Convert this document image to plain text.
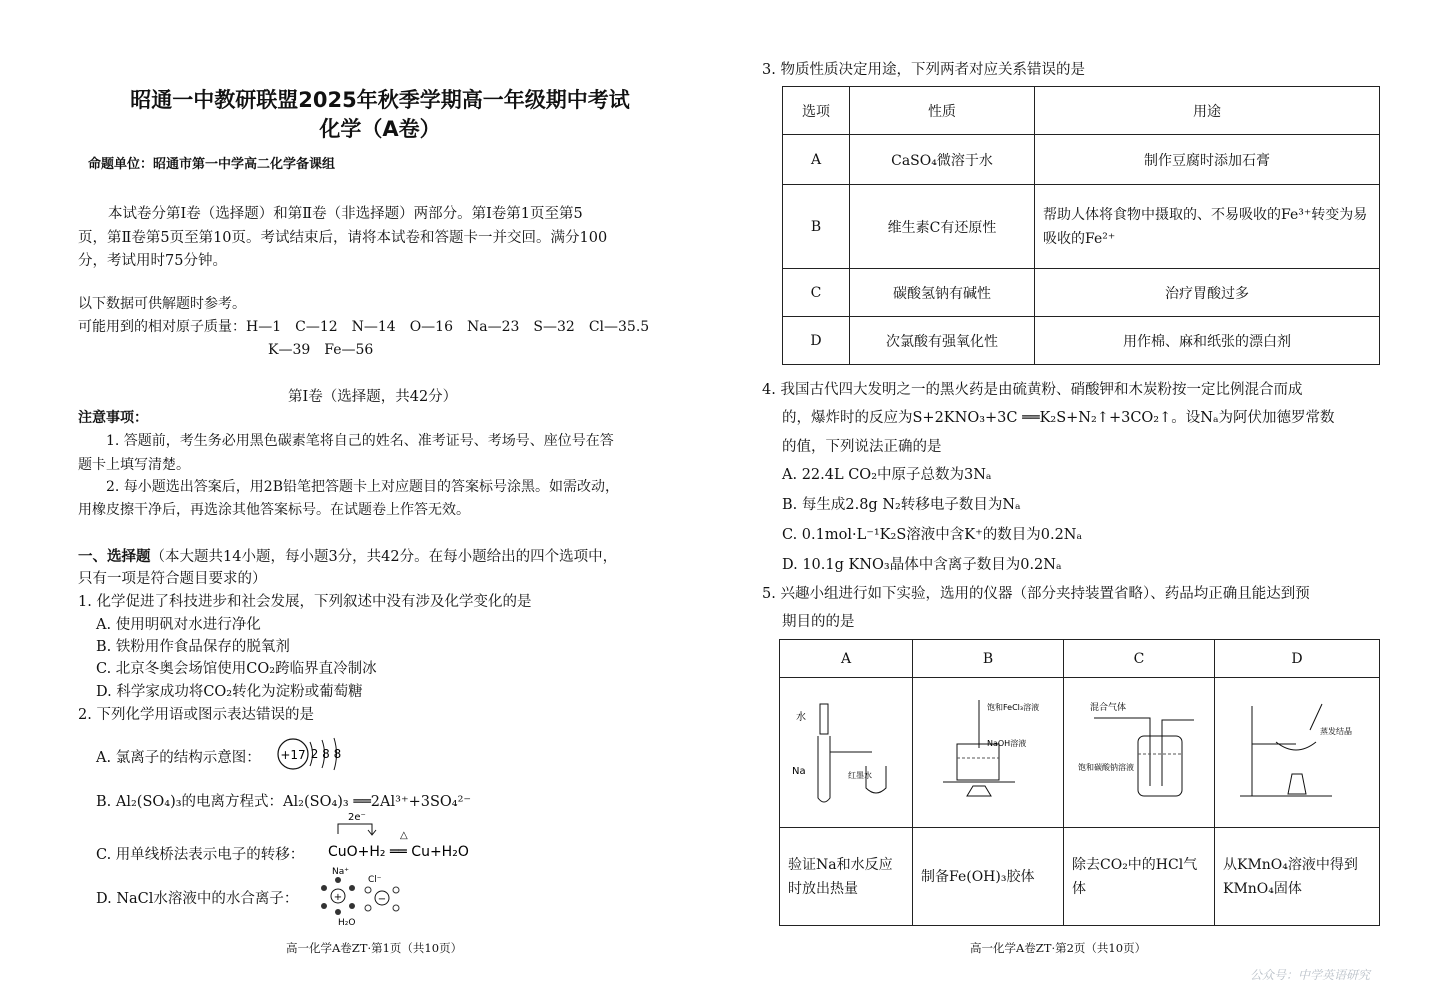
昭通一中教研联盟2025年秋季学期高一年级期中考试
化学（A卷）
命题单位：昭通市第一中学高二化学备课组
本试卷分第Ⅰ卷（选择题）和第Ⅱ卷（非选择题）两部分。第Ⅰ卷第1页至第5
页，第Ⅱ卷第5页至第10页。考试结束后，请将本试卷和答题卡一并交回。满分100
分，考试用时75分钟。
以下数据可供解题时参考。
可能用到的相对原子质量：H—1　C—12　N—14　O—16　Na—23　S—32　Cl—35.5
K—39　Fe—56
第Ⅰ卷（选择题，共42分）
注意事项：
1. 答题前，考生务必用黑色碳素笔将自己的姓名、准考证号、考场号、座位号在答
题卡上填写清楚。
2. 每小题选出答案后，用2B铅笔把答题卡上对应题目的答案标号涂黑。如需改动，
用橡皮擦干净后，再选涂其他答案标号。在试题卷上作答无效。
一、选择题（本大题共14小题，每小题3分，共42分。在每小题给出的四个选项中，
只有一项是符合题目要求的）
1. 化学促进了科技进步和社会发展，下列叙述中没有涉及化学变化的是
A. 使用明矾对水进行净化
B. 铁粉用作食品保存的脱氧剂
C. 北京冬奥会场馆使用CO₂跨临界直冷制冰
D. 科学家成功将CO₂转化为淀粉或葡萄糖
2. 下列化学用语或图示表达错误的是
A. 氯离子的结构示意图： +17 2 8 8
B. Al₂(SO₄)₃的电离方程式：Al₂(SO₄)₃ ══2Al³⁺+3SO₄²⁻
C. 用单线桥法表示电子的转移：
2e⁻
△
CuO+H₂ ══ Cu+H₂O
D. NaCl水溶液中的水合离子：
Na⁺
Cl⁻
+	−
H₂O
高一化学A卷ZT·第1页（共10页）
3. 物质性质决定用途，下列两者对应关系错误的是
选项	性质	用途
A	CaSO₄微溶于水	制作豆腐时添加石膏
B	维生素C有还原性	帮助人体将食物中摄取的、不易吸收的Fe³⁺转变为易吸收的Fe²⁺
C	碳酸氢钠有碱性	治疗胃酸过多
D	次氯酸有强氧化性	用作棉、麻和纸张的漂白剂
4. 我国古代四大发明之一的黑火药是由硫黄粉、硝酸钾和木炭粉按一定比例混合而成
的，爆炸时的反应为S+2KNO₃+3C ══K₂S+N₂↑+3CO₂↑。设Nₐ为阿伏加德罗常数
的值，下列说法正确的是
A. 22.4L CO₂中原子总数为3Nₐ
B. 每生成2.8g N₂转移电子数目为Nₐ
C. 0.1mol·L⁻¹K₂S溶液中含K⁺的数目为0.2Nₐ
D. 10.1g KNO₃晶体中含离子数目为0.2Nₐ
5. 兴趣小组进行如下实验，选用的仪器（部分夹持装置省略）、药品均正确且能达到预
期目的的是
A	B	C	D

水
Na 红墨水	饱和FeCl₃溶液
NaOH溶液	混合气体
饱和碳酸钠溶液	蒸发结晶

验证Na和水反应时放出热量	制备Fe(OH)₃胶体	除去CO₂中的HCl气体	从KMnO₄溶液中得到KMnO₄固体
高一化学A卷ZT·第2页（共10页）
公众号：中学英语研究
